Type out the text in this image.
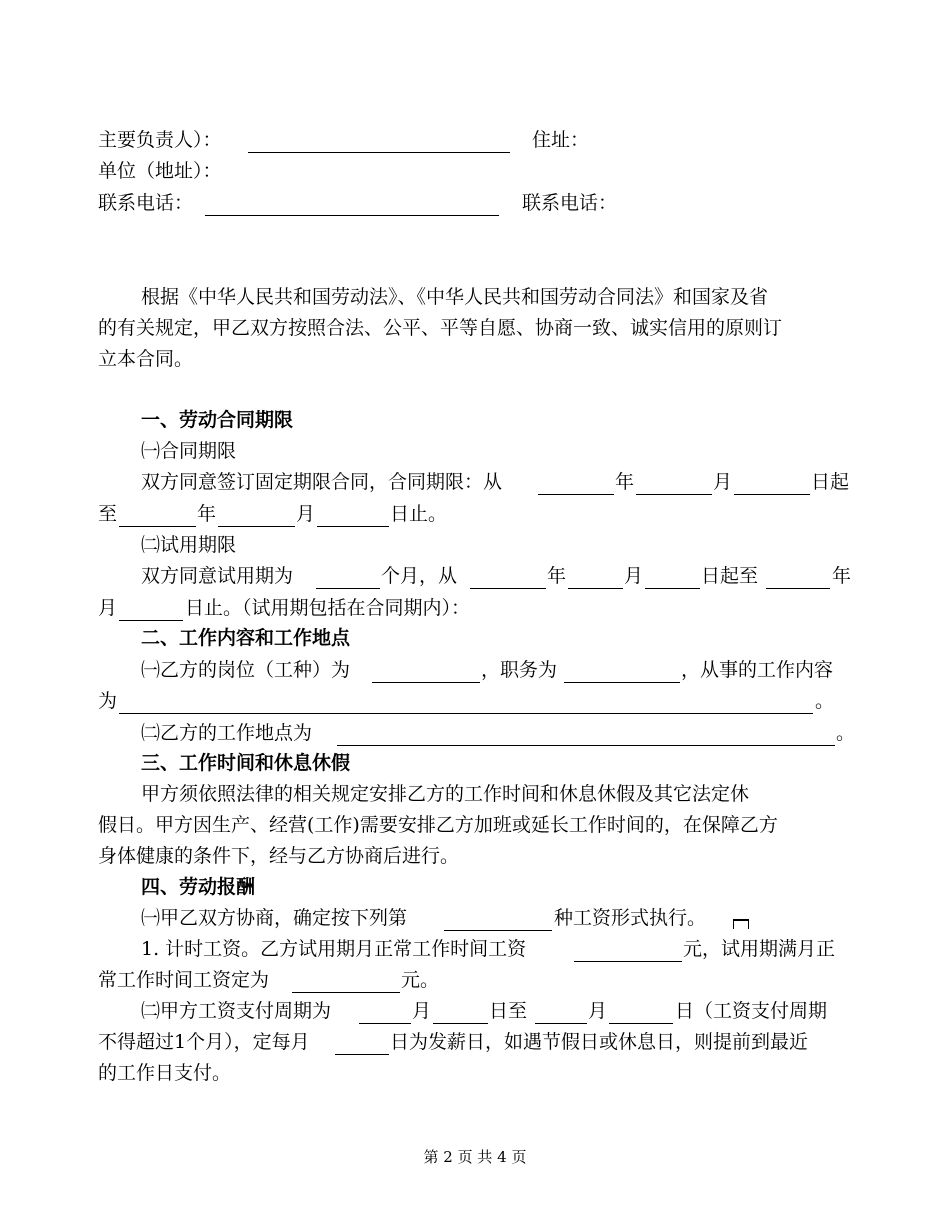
主要负责人）：	住址：
单位（地址）：
联系电话：	联系电话：
根据《中华人民共和国劳动法》、《中华人民共和国劳动合同法》和国家及省
的有关规定，甲乙双方按照合法、公平、平等自愿、协商一致、诚实信用的原则订
立本合同。
一、劳动合同期限
㈠合同期限
双方同意签订固定期限合同，合同期限：从	年	月	日起
至	年	月	日止。
㈡试用期限
双方同意试用期为	个月，从	年	月	日起至	年
月	日止。（试用期包括在合同期内）：
二、工作内容和工作地点
㈠乙方的岗位（工种）为	，职务为	，从事的工作内容
为	。
㈡乙方的工作地点为	。
三、工作时间和休息休假
甲方须依照法律的相关规定安排乙方的工作时间和休息休假及其它法定休
假日。甲方因生产、经营(工作)需要安排乙方加班或延长工作时间的，在保障乙方
身体健康的条件下，经与乙方协商后进行。
四、劳动报酬
㈠甲乙双方协商，确定按下列第	种工资形式执行。
1. 计时工资。乙方试用期月正常工作时间工资	元，试用期满月正
常工作时间工资定为	元。
㈡甲方工资支付周期为	月	日至	月	日（工资支付周期
不得超过1个月），定每月	日为发薪日，如遇节假日或休息日，则提前到最近
的工作日支付。
第 2 页 共 4 页
